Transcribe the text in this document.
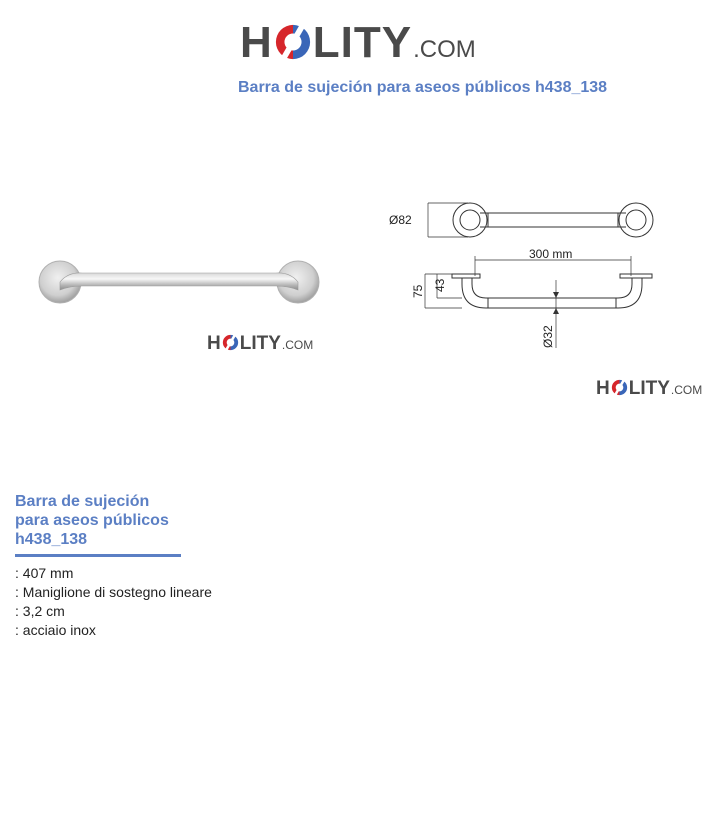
H LITY .COM
Barra de sujeción para aseos públicos h438_138
H LITY .COM
Ø82
300 mm
75 43
Ø32
H LITY .COM
Barra de sujeción
para aseos públicos
h438_138
: 407 mm
: Maniglione di sostegno lineare
: 3,2 cm
: acciaio inox
